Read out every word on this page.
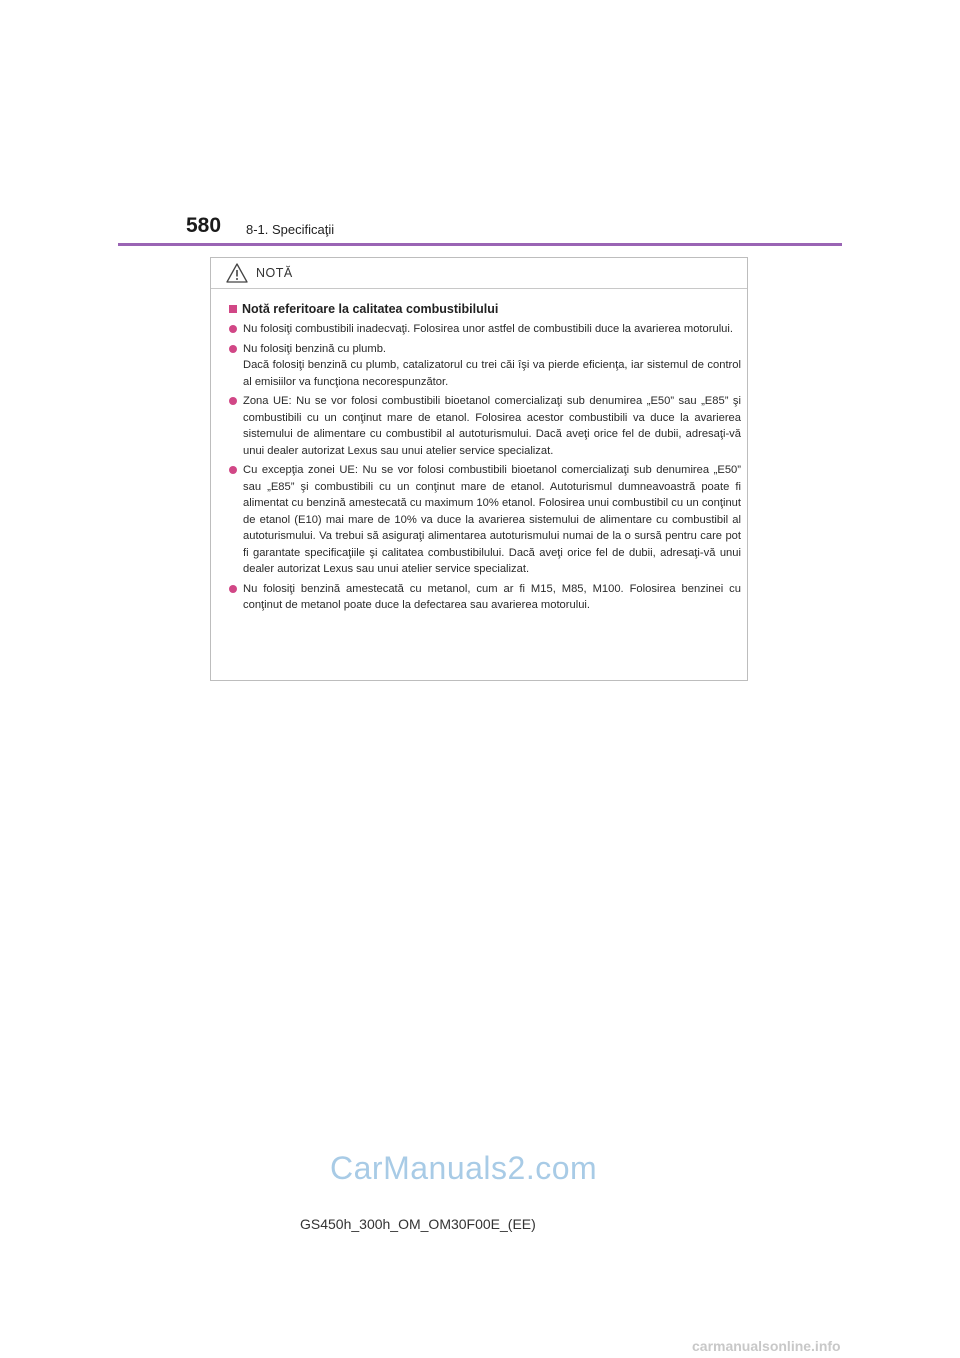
580 8-1. Specificaţii
NOTĂ
Notă referitoare la calitatea combustibilului

Nu folosiţi combustibili inadecvaţi. Folosirea unor astfel de combustibili duce la avarierea motorului.

Nu folosiţi benzină cu plumb.

Dacă folosiţi benzină cu plumb, catalizatorul cu trei căi îşi va pierde eficienţa, iar sistemul de control al emisiilor va funcţiona necorespunzător.

Zona UE: Nu se vor folosi combustibili bioetanol comercializaţi sub denumirea „E50” sau „E85” şi combustibili cu un conţinut mare de etanol. Folosirea acestor combustibili va duce la avarierea sistemului de alimentare cu combustibil al autoturismului. Dacă aveţi orice fel de dubii, adresaţi-vă unui dealer autorizat Lexus sau unui atelier service specializat.

Cu excepţia zonei UE: Nu se vor folosi combustibili bioetanol comercializaţi sub denumirea „E50” sau „E85” şi combustibili cu un conţinut mare de etanol. Autoturismul dumneavoastră poate fi alimentat cu benzină amestecată cu maximum 10% etanol. Folosirea unui combustibil cu un conţinut de etanol (E10) mai mare de 10% va duce la avarierea sistemului de alimentare cu combustibil al autoturismului. Va trebui să asiguraţi alimentarea autoturismului numai de la o sursă pentru care pot fi garantate specificaţiile şi calitatea combustibilului. Dacă aveţi orice fel de dubii, adresaţi-vă unui dealer autorizat Lexus sau unui atelier service specializat.

Nu folosiţi benzină amestecată cu metanol, cum ar fi M15, M85, M100. Folosirea benzinei cu conţinut de metanol poate duce la defectarea sau avarierea motorului.

CarManuals2.com
GS450h_300h_OM_OM30F00E_(EE)
carmanualsonline.info
